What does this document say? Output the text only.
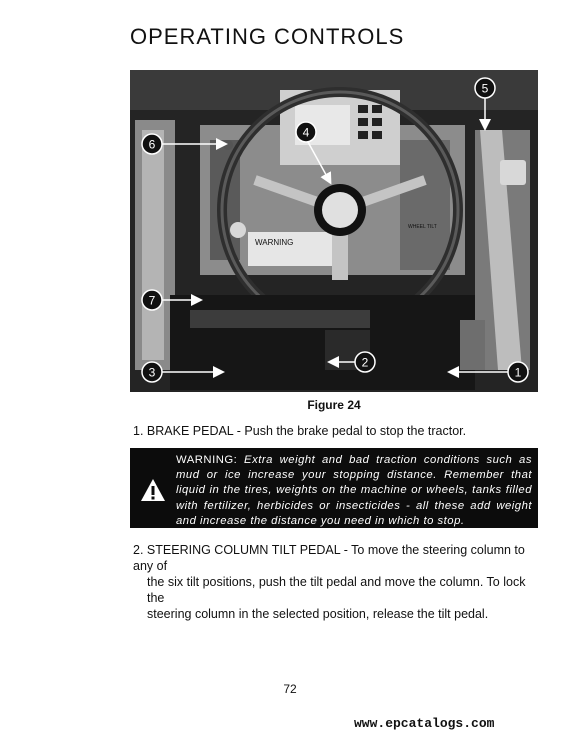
OPERATING CONTROLS
WARNING
WHEEL TILT
6
4
5
7
2
3	1
Figure 24
1. BRAKE PEDAL - Push the brake pedal to stop the tractor.
WARNING: Extra weight and bad traction conditions such as mud or ice increase your stopping distance. Remember that liquid in the tires, weights on the machine or wheels, tanks filled with fertilizer, herbicides or insecticides - all these add weight and increase the distance you need in which to stop.
2. STEERING COLUMN TILT PEDAL - To move the steering column to any of
the six tilt positions, push the tilt pedal and move the column. To lock the
steering column in the selected position, release the tilt pedal.
72
www.epcatalogs.com
